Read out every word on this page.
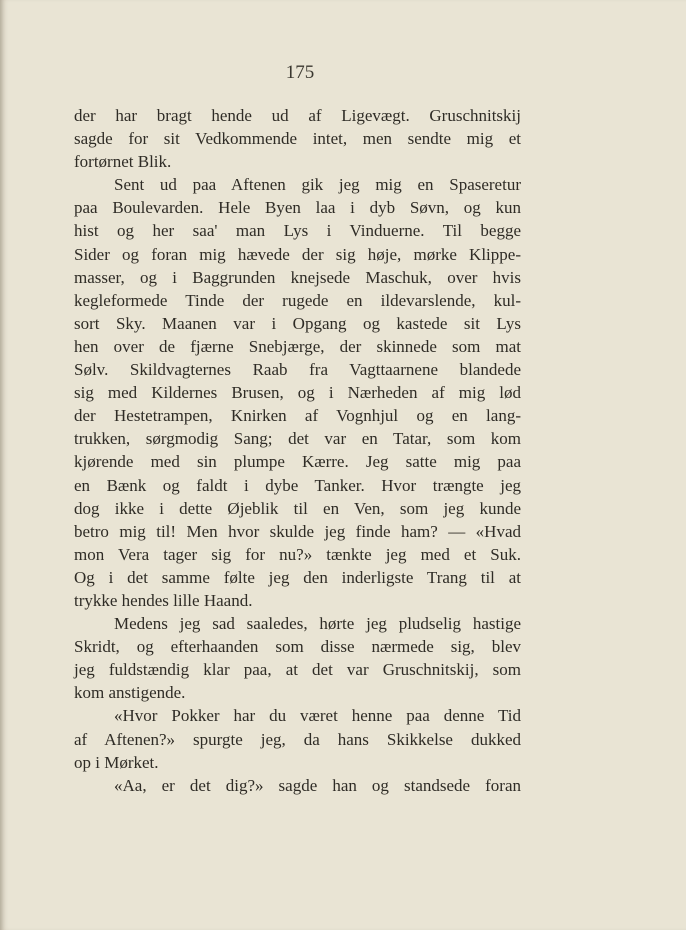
175
der har bragt hende ud af Ligevægt. Gruschnitskij
sagde for sit Vedkommende intet, men sendte mig et
fortørnet Blik.
Sent ud paa Aftenen gik jeg mig en Spaseretur
paa Boulevarden. Hele Byen laa i dyb Søvn, og kun
hist og her saa' man Lys i Vinduerne. Til begge
Sider og foran mig hævede der sig høje, mørke Klippe-
masser, og i Baggrunden knejsede Maschuk, over hvis
kegleformede Tinde der rugede en ildevarslende, kul-
sort Sky. Maanen var i Opgang og kastede sit Lys
hen over de fjærne Snebjærge, der skinnede som mat
Sølv. Skildvagternes Raab fra Vagttaarnene blandede
sig med Kildernes Brusen, og i Nærheden af mig lød
der Hestetrampen, Knirken af Vognhjul og en lang-
trukken, sørgmodig Sang; det var en Tatar, som kom
kjørende med sin plumpe Kærre. Jeg satte mig paa
en Bænk og faldt i dybe Tanker. Hvor trængte jeg
dog ikke i dette Øjeblik til en Ven, som jeg kunde
betro mig til! Men hvor skulde jeg finde ham? — «Hvad
mon Vera tager sig for nu?» tænkte jeg med et Suk.
Og i det samme følte jeg den inderligste Trang til at
trykke hendes lille Haand.
Medens jeg sad saaledes, hørte jeg pludselig hastige
Skridt, og efterhaanden som disse nærmede sig, blev
jeg fuldstændig klar paa, at det var Gruschnitskij, som
kom anstigende.
«Hvor Pokker har du været henne paa denne Tid
af Aftenen?» spurgte jeg, da hans Skikkelse dukked
op i Mørket.
«Aa, er det dig?» sagde han og standsede foran
